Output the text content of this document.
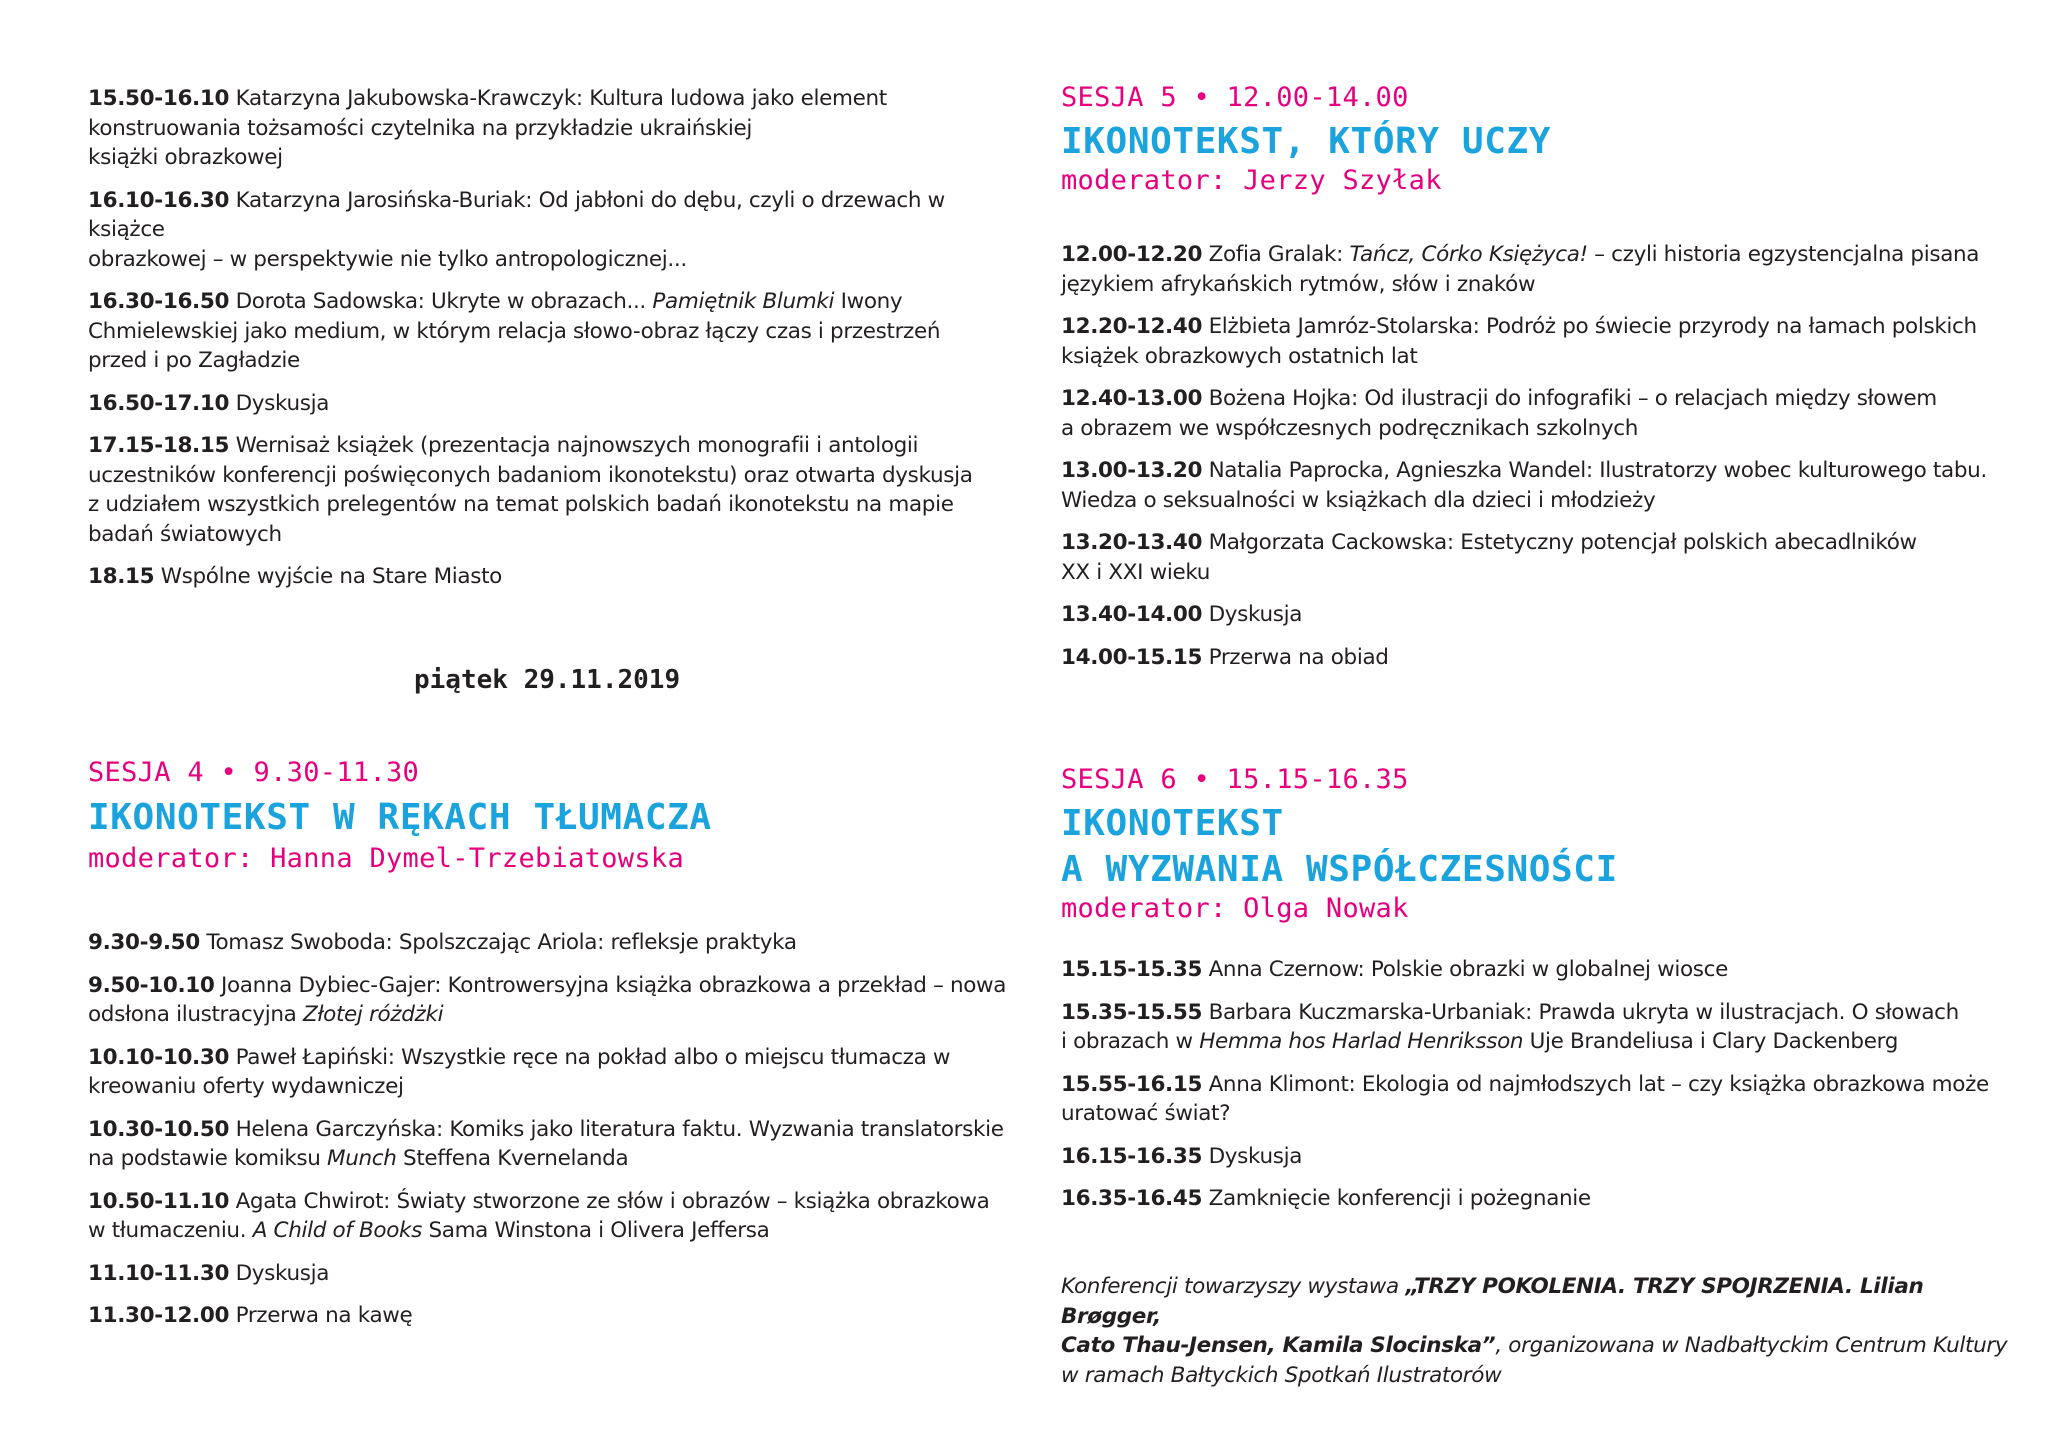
15.50-16.10 Katarzyna Jakubowska-Krawczyk: Kultura ludowa jako element
konstruowania tożsamości czytelnika na przykładzie ukraińskiej
książki obrazkowej

16.10-16.30 Katarzyna Jarosińska-Buriak: Od jabłoni do dębu, czyli o drzewach w książce
obrazkowej – w perspektywie nie tylko antropologicznej...

16.30-16.50 Dorota Sadowska: Ukryte w obrazach... Pamiętnik Blumki Iwony
Chmielewskiej jako medium, w którym relacja słowo-obraz łączy czas i przestrzeń
przed i po Zagładzie

16.50-17.10 Dyskusja

17.15-18.15 Wernisaż książek (prezentacja najnowszych monografii i antologii
uczestników konferencji poświęconych badaniom ikonotekstu) oraz otwarta dyskusja
z udziałem wszystkich prelegentów na temat polskich badań ikonotekstu na mapie
badań światowych

18.15 Wspólne wyjście na Stare Miasto

piątek 29.11.2019
SESJA 4 • 9.30-11.30
IKONOTEKST W RĘKACH TŁUMACZA
moderator: Hanna Dymel-Trzebiatowska

9.30-9.50 Tomasz Swoboda: Spolszczając Ariola: refleksje praktyka

9.50-10.10 Joanna Dybiec-Gajer: Kontrowersyjna książka obrazkowa a przekład – nowa
odsłona ilustracyjna Złotej różdżki

10.10-10.30 Paweł Łapiński: Wszystkie ręce na pokład albo o miejscu tłumacza w
kreowaniu oferty wydawniczej

10.30-10.50 Helena Garczyńska: Komiks jako literatura faktu. Wyzwania translatorskie
na podstawie komiksu Munch Steffena Kvernelanda

10.50-11.10 Agata Chwirot: Światy stworzone ze słów i obrazów – książka obrazkowa
w tłumaczeniu. A Child of Books Sama Winstona i Olivera Jeffersa

11.10-11.30 Dyskusja

11.30-12.00 Przerwa na kawę

SESJA 5 • 12.00-14.00
IKONOTEKST, KTÓRY UCZY
moderator: Jerzy Szyłak

12.00-12.20 Zofia Gralak: Tańcz, Córko Księżyca! – czyli historia egzystencjalna pisana
językiem afrykańskich rytmów, słów i znaków

12.20-12.40 Elżbieta Jamróz-Stolarska: Podróż po świecie przyrody na łamach polskich
książek obrazkowych ostatnich lat

12.40-13.00 Bożena Hojka: Od ilustracji do infografiki – o relacjach między słowem
a obrazem we współczesnych podręcznikach szkolnych

13.00-13.20 Natalia Paprocka, Agnieszka Wandel: Ilustratorzy wobec kulturowego tabu.
Wiedza o seksualności w książkach dla dzieci i młodzieży

13.20-13.40 Małgorzata Cackowska: Estetyczny potencjał polskich abecadlników
XX i XXI wieku

13.40-14.00 Dyskusja

14.00-15.15 Przerwa na obiad

SESJA 6 • 15.15-16.35
IKONOTEKST
A WYZWANIA WSPÓŁCZESNOŚCI
moderator: Olga Nowak

15.15-15.35 Anna Czernow: Polskie obrazki w globalnej wiosce

15.35-15.55 Barbara Kuczmarska-Urbaniak: Prawda ukryta w ilustracjach. O słowach
i obrazach w Hemma hos Harlad Henriksson Uje Brandeliusa i Clary Dackenberg

15.55-16.15 Anna Klimont: Ekologia od najmłodszych lat – czy książka obrazkowa może
uratować świat?

16.15-16.35 Dyskusja

16.35-16.45 Zamknięcie konferencji i pożegnanie

Konferencji towarzyszy wystawa „TRZY POKOLENIA. TRZY SPOJRZENIA. Lilian Brøgger,
Cato Thau-Jensen, Kamila Slocinska”, organizowana w Nadbałtyckim Centrum Kultury
w ramach Bałtyckich Spotkań Ilustratorów
